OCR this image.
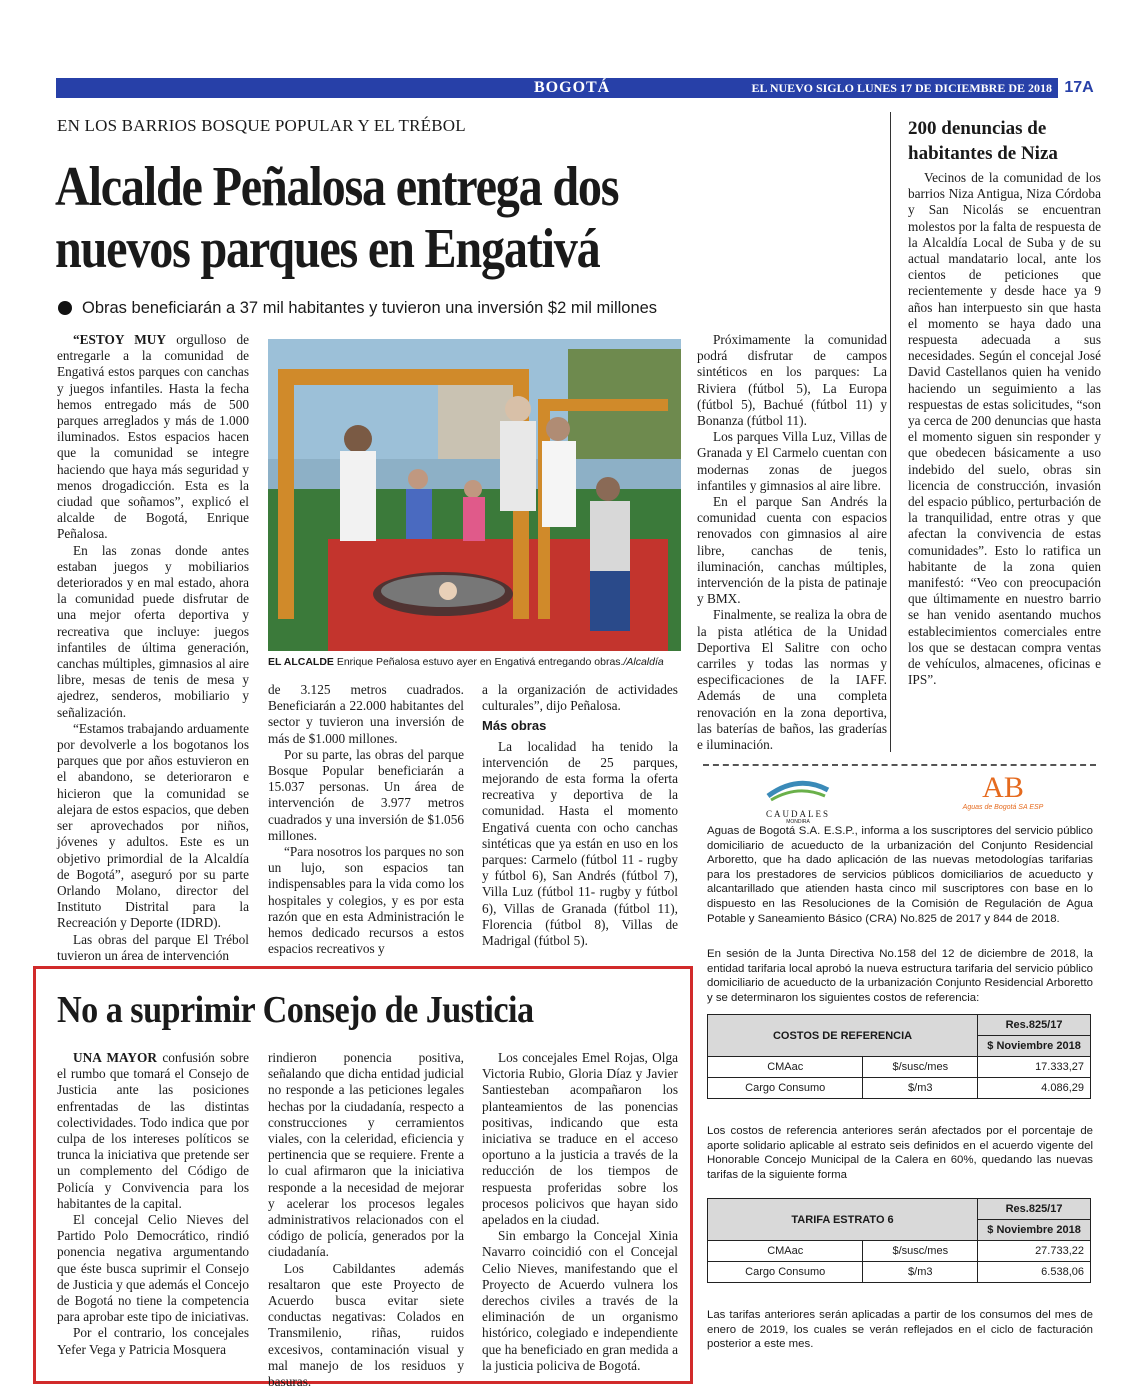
BOGOTÁ	EL NUEVO SIGLO LUNES 17 DE DICIEMBRE DE 2018 17A
EN LOS BARRIOS BOSQUE POPULAR Y EL TRÉBOL
Alcalde Peñalosa entrega dos nuevos parques en Engativá
Obras beneficiarán a 37 mil habitantes y tuvieron una inversión $2 mil millones

“ESTOY MUY orgulloso de entregarle a la comunidad de Engativá estos parques con canchas y juegos infantiles. Hasta la fecha hemos entregado más de 500 parques arreglados y más de 1.000 iluminados. Estos espacios hacen que la comunidad se integre haciendo que haya más seguridad y menos drogadicción. Esta es la ciudad que soñamos”, explicó el alcalde de Bogotá, Enrique Peñalosa.

En las zonas donde antes estaban juegos y mobiliarios deteriorados y en mal estado, ahora la comunidad puede disfrutar de una mejor oferta deportiva y recreativa que incluye: juegos infantiles de última generación, canchas múltiples, gimnasios al aire libre, mesas de tenis de mesa y ajedrez, senderos, mobiliario y señalización.

“Estamos trabajando arduamente por devolverle a los bogotanos los parques que por años estuvieron en el abandono, se deterioraron e hicieron que la comunidad se alejara de estos espacios, que deben ser aprovechados por niños, jóvenes y adultos. Este es un objetivo primordial de la Alcaldía de Bogotá”, aseguró por su parte Orlando Molano, director del Instituto Distrital para la Recreación y Deporte (IDRD).

Las obras del parque El Trébol tuvieron un área de intervención

EL ALCALDE Enrique Peñalosa estuvo ayer en Engativá entregando obras./Alcaldía

de 3.125 metros cuadrados. Beneficiarán a 22.000 habitantes del sector y tuvieron una inversión de más de $1.000 millones.

Por su parte, las obras del parque Bosque Popular beneficiarán a 15.037 personas. Un área de intervención de 3.977 metros cuadrados y una inversión de $1.056 millones.

“Para nosotros los parques no son un lujo, son espacios tan indispensables para la vida como los hospitales y colegios, y es por esta razón que en esta Administración le hemos dedicado recursos a estos espacios recreativos y

a la organización de actividades culturales”, dijo Peñalosa.

Más obras

La localidad ha tenido la intervención de 25 parques, mejorando de esta forma la oferta recreativa y deportiva de la comunidad. Hasta el momento Engativá cuenta con ocho canchas sintéticas que ya están en uso en los parques: Carmelo (fútbol 11 - rugby y fútbol 6), San Andrés (fútbol 7), Villa Luz (fútbol 11- rugby y fútbol 6), Villas de Granada (fútbol 11), Florencia (fútbol 8), Villas de Madrigal (fútbol 5).

Próximamente la comunidad podrá disfrutar de campos sintéticos en los parques: La Riviera (fútbol 5), La Europa (fútbol 5), Bachué (fútbol 11) y Bonanza (fútbol 11).

Los parques Villa Luz, Villas de Granada y El Carmelo cuentan con modernas zonas de juegos infantiles y gimnasios al aire libre.

En el parque San Andrés la comunidad cuenta con espacios renovados con gimnasios al aire libre, canchas de tenis, iluminación, canchas múltiples, intervención de la pista de patinaje y BMX.

Finalmente, se realiza la obra de la pista atlética de la Unidad Deportiva El Salitre con ocho carriles y todas las normas y especificaciones de la IAFF. Además de una completa renovación en la zona deportiva, las baterías de baños, las graderías e iluminación.

200 denuncias de habitantes de Niza

Vecinos de la comunidad de los barrios Niza Antigua, Niza Córdoba y San Nicolás se encuentran molestos por la falta de respuesta de la Alcaldía Local de Suba y de su actual mandatario local, ante los cientos de peticiones que recientemente y desde hace ya 9 años han interpuesto sin que hasta el momento se haya dado una respuesta adecuada a sus necesidades. Según el concejal José David Castellanos quien ha venido haciendo un seguimiento a las respuestas de estas solicitudes, “son ya cerca de 200 denuncias que hasta el momento siguen sin responder y que obedecen básicamente a uso indebido del suelo, obras sin licencia de construcción, invasión del espacio público, perturbación de la tranquilidad, entre otras y que afectan la convivencia de estas comunidades”. Esto lo ratifica un habitante de la zona quien manifestó: “Veo con preocupación que últimamente en nuestro barrio se han venido asentando muchos establecimientos comerciales entre los que se destacan compra ventas de vehículos, almacenes, oficinas e IPS”.

CAUDALES
MONDIRA
AB
Aguas de Bogotá SA ESP
Aguas de Bogotá S.A. E.S.P., informa a los suscriptores del servicio público domiciliario de acueducto de la urbanización del Conjunto Residencial Arboretto, que ha dado aplicación de las nuevas metodologías tarifarias para los prestadores de servicios públicos domiciliarios de acueducto y alcantarillado que atienden hasta cinco mil suscriptores con base en lo dispuesto en las Resoluciones de la Comisión de Regulación de Agua Potable y Saneamiento Básico (CRA) No.825 de 2017 y 844 de 2018.
En sesión de la Junta Directiva No.158 del 12 de diciembre de 2018, la entidad tarifaria local aprobó la nueva estructura tarifaria del servicio público domiciliario de acueducto de la urbanización Conjunto Residencial Arboretto y se determinaron los siguientes costos de referencia:
COSTOS DE REFERENCIA		Res.825/17
		$ Noviembre 2018
CMAac	$/susc/mes	17.333,27
Cargo Consumo	$/m3	4.086,29
Los costos de referencia anteriores serán afectados por el porcentaje de aporte solidario aplicable al estrato seis definidos en el acuerdo vigente del Honorable Concejo Municipal de la Calera en 60%, quedando las nuevas tarifas de la siguiente forma
TARIFA ESTRATO 6		Res.825/17
		$ Noviembre 2018
CMAac	$/susc/mes	27.733,22
Cargo Consumo	$/m3	6.538,06
Las tarifas anteriores serán aplicadas a partir de los consumos del mes de enero de 2019, los cuales se verán reflejados en el ciclo de facturación posterior a este mes.
No a suprimir Consejo de Justicia

UNA MAYOR confusión sobre el rumbo que tomará el Consejo de Justicia ante las posiciones enfrentadas de las distintas colectividades. Todo indica que por culpa de los intereses políticos se trunca la iniciativa que pretende ser un complemento del Código de Policía y Convivencia para los habitantes de la capital.

El concejal Celio Nieves del Partido Polo Democrático, rindió ponencia negativa argumentando que éste busca suprimir el Consejo de Justicia y que además el Concejo de Bogotá no tiene la competencia para aprobar este tipo de iniciativas.

Por el contrario, los concejales Yefer Vega y Patricia Mosquera

rindieron ponencia positiva, señalando que dicha entidad judicial no responde a las peticiones legales hechas por la ciudadanía, respecto a construcciones y cerramientos viales, con la celeridad, eficiencia y pertinencia que se requiere. Frente a lo cual afirmaron que la iniciativa responde a la necesidad de mejorar y acelerar los procesos legales administrativos relacionados con el código de policía, generados por la ciudadanía.

Los Cabildantes además resaltaron que este Proyecto de Acuerdo busca evitar siete conductas negativas: Colados en Transmilenio, riñas, ruidos excesivos, contaminación visual y mal manejo de los residuos y basuras.

Los concejales Emel Rojas, Olga Victoria Rubio, Gloria Díaz y Javier Santiesteban acompañaron los planteamientos de las ponencias positivas, indicando que esta iniciativa se traduce en el acceso oportuno a la justicia a través de la reducción de los tiempos de respuesta proferidas sobre los procesos policivos que hayan sido apelados en la ciudad.

Sin embargo la Concejal Xinia Navarro coincidió con el Concejal Celio Nieves, manifestando que el Proyecto de Acuerdo vulnera los derechos civiles a través de la eliminación de un organismo histórico, colegiado e independiente que ha beneficiado en gran medida a la justicia policiva de Bogotá.
